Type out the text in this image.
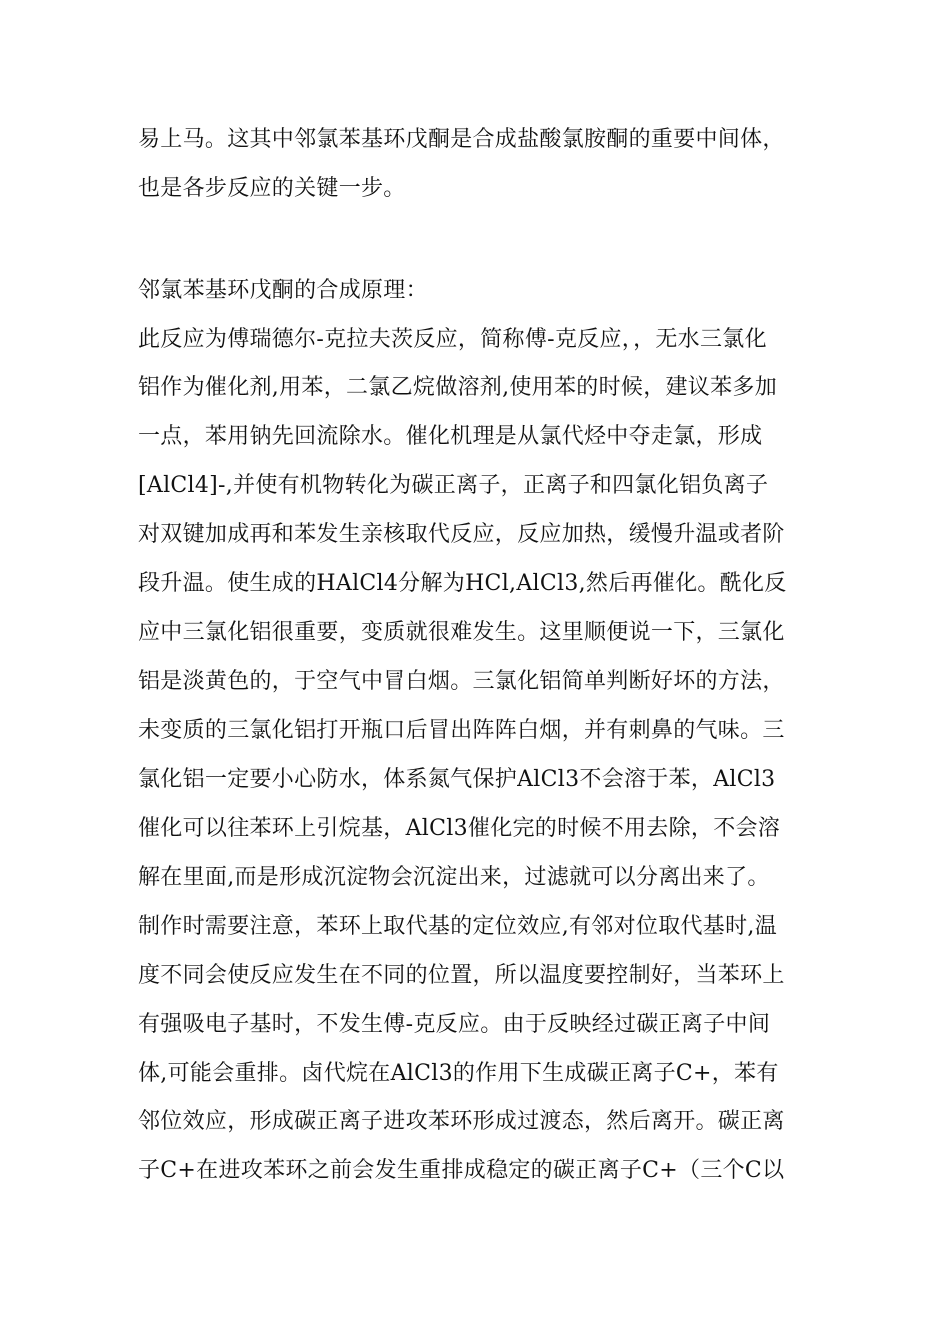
易上马。这其中邻氯苯基环戊酮是合成盐酸氯胺酮的重要中间体，
也是各步反应的关键一步。
邻氯苯基环戊酮的合成原理：
此反应为傅瑞德尔-克拉夫茨反应，简称傅-克反应，，无水三氯化
铝作为催化剂,用苯，二氯乙烷做溶剂,使用苯的时候，建议苯多加
一点，苯用钠先回流除水。催化机理是从氯代烃中夺走氯，形成
[AlCl4]-,并使有机物转化为碳正离子，正离子和四氯化铝负离子
对双键加成再和苯发生亲核取代反应，反应加热，缓慢升温或者阶
段升温。使生成的HAlCl4分解为HCl,AlCl3,然后再催化。酰化反
应中三氯化铝很重要，变质就很难发生。这里顺便说一下，三氯化
铝是淡黄色的，于空气中冒白烟。三氯化铝简单判断好坏的方法，
未变质的三氯化铝打开瓶口后冒出阵阵白烟，并有刺鼻的气味。三
氯化铝一定要小心防水，体系氮气保护AlCl3不会溶于苯，AlCl3
催化可以往苯环上引烷基，AlCl3催化完的时候不用去除，不会溶
解在里面,而是形成沉淀物会沉淀出来，过滤就可以分离出来了。
制作时需要注意，苯环上取代基的定位效应,有邻对位取代基时,温
度不同会使反应发生在不同的位置，所以温度要控制好，当苯环上
有强吸电子基时，不发生傅-克反应。由于反映经过碳正离子中间
体,可能会重排。卤代烷在AlCl3的作用下生成碳正离子C+，苯有
邻位效应，形成碳正离子进攻苯环形成过渡态，然后离开。碳正离
子C+在进攻苯环之前会发生重排成稳定的碳正离子C+（三个C以
